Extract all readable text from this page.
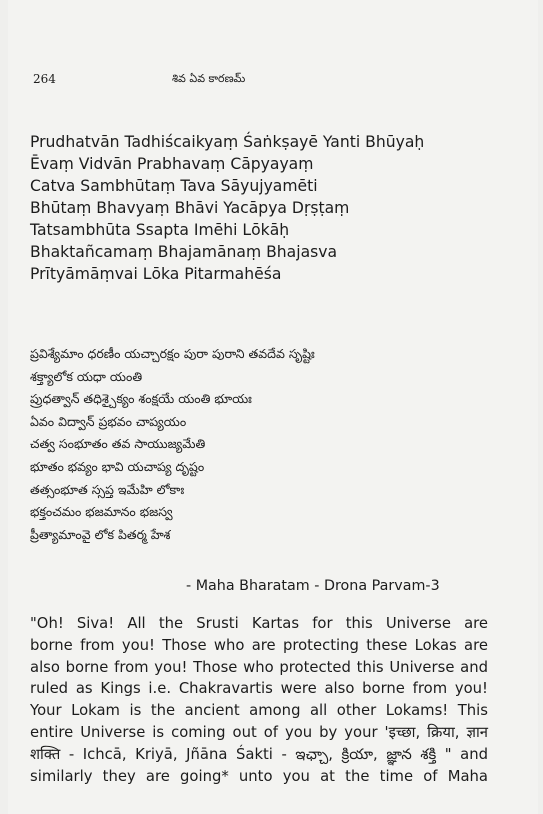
264	శివ ఏవ కారణమ్
Prudhatvān Tadhiścaikyaṃ Śaṅkṣayē Yanti Bhūyaḥ
Ēvaṃ Vidvān Prabhavaṃ Cāpyayaṃ
Catva Sambhūtaṃ Tava Sāyujyamēti
Bhūtaṃ Bhavyaṃ Bhāvi Yacāpya Dṛṣṭaṃ
Tatsambhūta Ssapta Imēhi Lōkāḥ
Bhaktañcamaṃ Bhajamānaṃ Bhajasva
Prītyāmāṃvai Lōka Pitarmahēśa
ప్రవిశ్యేమాం ధరణీం యచ్చారక్షం పురా పురాని తవదేవ సృష్టిః
శక్త్యాలోక యధా యంతి
ప్రుధత్వాన్ తధిశ్చైక్యం శంక్షయే యంతి భూయః
ఏవం విద్వాన్ ప్రభవం చాప్యయం
చత్వ సంభూతం తవ సాయుజ్యమేతి
భూతం భవ్యం భావి యచాప్య దృష్టం
తత్సంభూత స్సప్త ఇమేహి లోకాః
భక్తంచమం భజమానం భజస్వ
ప్రీత్యామాంవై లోక పితర్మ హేశ
- Maha Bharatam - Drona Parvam-3
"Oh! Siva! All the Srusti Kartas for this Universe are
borne from you! Those who are protecting these Lokas are
also borne from you! Those who protected this Universe and
ruled as Kings i.e. Chakravartis were also borne from you!
Your Lokam is the ancient among all other Lokams! This
entire Universe is coming out of you by your 'इच्छा, क्रिया, ज्ञान
शक्ति - Ichcā, Kriyā, Jñāna Śakti - ఇఛ్చా, క్రియా, జ్ఞాన శక్తి " and
similarly they are going* unto you at the time of Maha
